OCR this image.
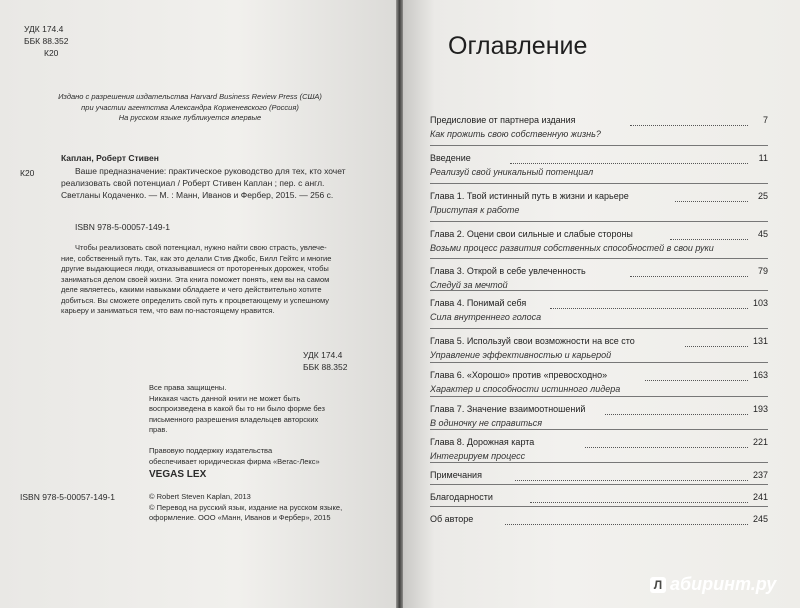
УДК 174.4
ББК 88.352
К20
Издано с разрешения издательства Harvard Business Review Press (США)
при участии агентства Александра Корженевского (Россия)
На русском языке публикуется впервые
К20
Каплан, Роберт Стивен
Ваше предназначение: практическое руководство для тех, кто хочет
реализовать свой потенциал / Роберт Стивен Каплан ; пер. с англ.
Светланы Кодаченко. — М. : Манн, Иванов и Фербер, 2015. — 256 с.
ISBN 978-5-00057-149-1
Чтобы реализовать свой потенциал, нужно найти свою страсть, увлече-
ние, собственный путь. Так, как это делали Стив Джобс, Билл Гейтс и многие
другие выдающиеся люди, отказывавшиеся от проторенных дорожек, чтобы
заниматься делом своей жизни. Эта книга поможет понять, кем вы на самом
деле являетесь, какими навыками обладаете и чего действительно хотите
добиться. Вы сможете определить свой путь к процветающему и успешному
карьеру и заниматься тем, что вам по-настоящему нравится.
УДК 174.4
ББК 88.352
Все права защищены.
Никакая часть данной книги не может быть
воспроизведена в какой бы то ни было форме без
письменного разрешения владельцев авторских
прав.
Правовую поддержку издательства
обеспечивает юридическая фирма «Вегас-Лекс»
VEGAS LEX
ISBN 978-5-00057-149-1	© Robert Steven Kaplan, 2013
© Перевод на русский язык, издание на русском языке,
оформление. ООО «Манн, Иванов и Фербер», 2015
Оглавление
Предисловие от партнера издания	7
Как прожить свою собственную жизнь?
Введение	11
Реализуй свой уникальный потенциал
Глава 1. Твой истинный путь в жизни и карьере	25
Приступая к работе
Глава 2. Оцени свои сильные и слабые стороны	45
Возьми процесс развития собственных способностей в свои руки
Глава 3. Открой в себе увлеченность	79
Следуй за мечтой
Глава 4. Понимай себя	103
Сила внутреннего голоса
Глава 5. Используй свои возможности на все сто	131
Управление эффективностью и карьерой
Глава 6. «Хорошо» против «превосходно»	163
Характер и способности истинного лидера
Глава 7. Значение взаимоотношений	193
В одиночку не справиться
Глава 8. Дорожная карта	221
Интегрируем процесс
Примечания	237
Благодарности	241
Об авторе	245
Л абиринт.ру
